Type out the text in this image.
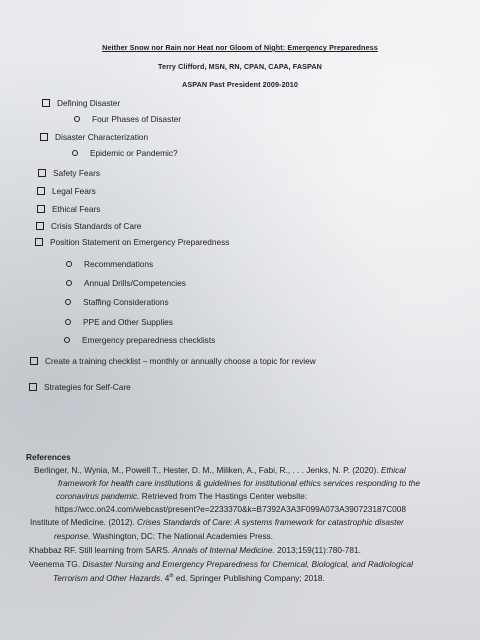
Neither Snow nor Rain nor Heat nor Gloom of Night: Emergency Preparedness
Terry Clifford, MSN, RN, CPAN, CAPA, FASPAN
ASPAN Past President 2009-2010
Defining Disaster
Four Phases of Disaster
Disaster Characterization
Epidemic or Pandemic?
Safety Fears
Legal Fears
Ethical Fears
Crisis Standards of Care
Position Statement on Emergency Preparedness
Recommendations
Annual Drills/Competencies
Staffing Considerations
PPE and Other Supplies
Emergency preparedness checklists
Create a training checklist – monthly or annually choose a topic for review
Strategies for Self-Care
References
Berlinger, N., Wynia, M., Powell T., Hester, D. M., Miliken, A., Fabi, R., . . . Jenks, N. P. (2020). Ethical
framework for health care institutions & guidelines for institutional ethics services responding to the
coronavirus pandemic. Retrieved from The Hastings Center website:
https://wcc.on24.com/webcast/present?e=2233370&k=B7392A3A3F099A073A390723187C008
Institute of Medicine. (2012). Crises Standards of Care: A systems framework for catastrophic disaster
response. Washington, DC: The National Academies Press.
Khabbaz RF. Still learning from SARS. Annals of Internal Medicine. 2013;159(11):780-781.
Veenema TG. Disaster Nursing and Emergency Preparedness for Chemical, Biological, and Radiological
Terrorism and Other Hazards. 4th ed. Springer Publishing Company; 2018.
